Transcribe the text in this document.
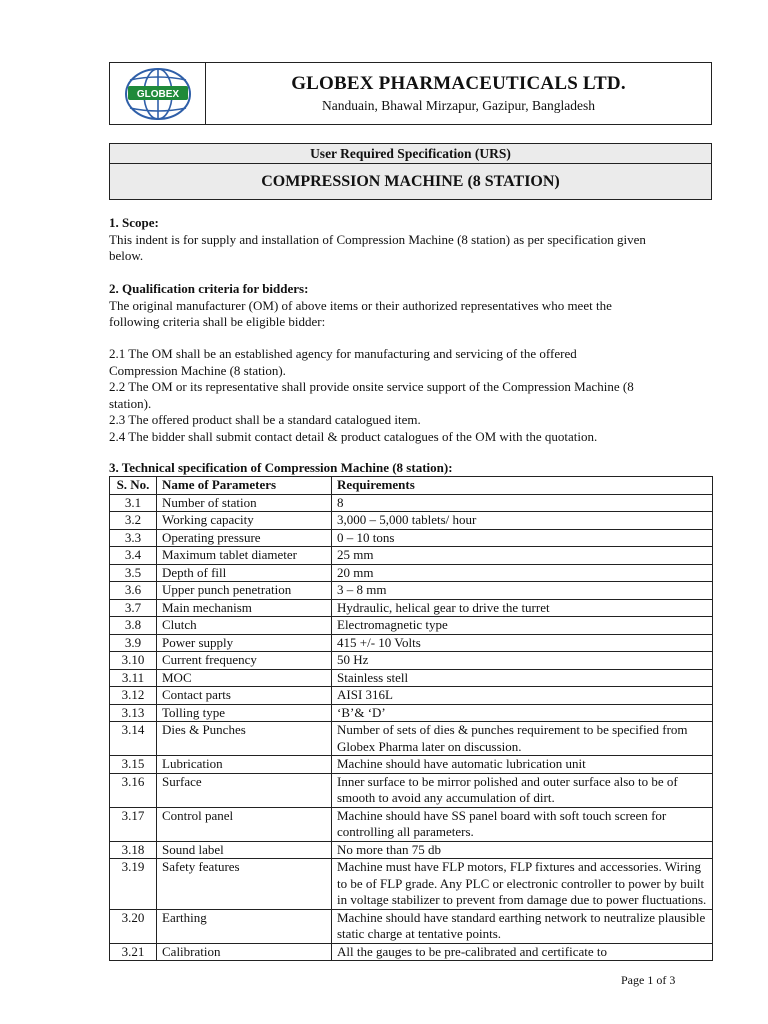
GLOBEX	GLOBEX PHARMACEUTICALS LTD.
Nanduain, Bhawal Mirzapur, Gazipur, Bangladesh
User Required Specification (URS)
COMPRESSION MACHINE (8 STATION)
1. Scope:
This indent is for supply and installation of Compression Machine (8 station) as per specification given below.
2. Qualification criteria for bidders:
The original manufacturer (OM) of above items or their authorized representatives who meet the following criteria shall be eligible bidder:
2.1 The OM shall be an established agency for manufacturing and servicing of the offered Compression Machine (8 station).
2.2 The OM or its representative shall provide onsite service support of the Compression Machine (8 station).
2.3 The offered product shall be a standard catalogued item.
2.4 The bidder shall submit contact detail & product catalogues of the OM with the quotation.
3. Technical specification of Compression Machine (8 station):
S. No.	Name of Parameters	Requirements
3.1	Number of station	8
3.2	Working capacity	3,000 – 5,000 tablets/ hour
3.3	Operating pressure	0 – 10 tons
3.4	Maximum tablet diameter	25 mm
3.5	Depth of fill	20 mm
3.6	Upper punch penetration	3 – 8 mm
3.7	Main mechanism	Hydraulic, helical gear to drive the turret
3.8	Clutch	Electromagnetic type
3.9	Power supply	415 +/- 10 Volts
3.10	Current frequency	50 Hz
3.11	MOC	Stainless stell
3.12	Contact parts	AISI 316L
3.13	Tolling type	‘B’& ‘D’
3.14	Dies & Punches	Number of sets of dies & punches requirement to be specified from Globex Pharma later on discussion.
3.15	Lubrication	Machine should have automatic lubrication unit
3.16	Surface	Inner surface to be mirror polished and outer surface also to be of smooth to avoid any accumulation of dirt.
3.17	Control panel	Machine should have SS panel board with soft touch screen for controlling all parameters.
3.18	Sound label	No more than 75 db
3.19	Safety features	Machine must have FLP motors, FLP fixtures and accessories. Wiring to be of FLP grade. Any PLC or electronic controller to power by built in voltage stabilizer to prevent from damage due to power fluctuations.
3.20	Earthing	Machine should have standard earthing network to neutralize plausible static charge at tentative points.
3.21	Calibration	All the gauges to be pre-calibrated and certificate to
Page 1 of 3
